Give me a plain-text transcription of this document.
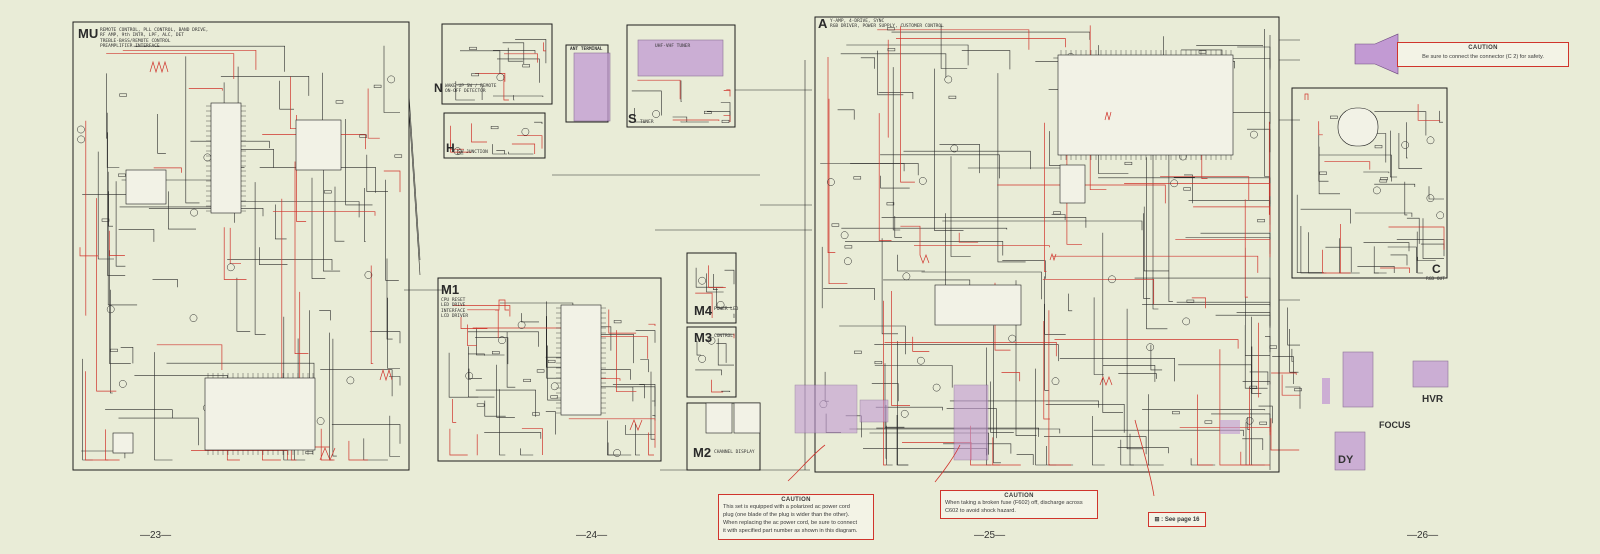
MU REMOTE CONTROL, PLL CONTROL, BAND DRIVE,
RF AMP, 9th INTR, LPF, ALC, DET
TREBLE-BASS/REMOTE CONTROL
PREAMPLIFIER INTERFACE
N WAKE-UP SW / REMOTE
ON-OFF DETECTOR
H SW JUNCTION
ANT TERMINAL
UHF-VHF TUNER
S TUNER
M1
CPU RESET
LED DRIVE
INTERFACE
LCD DRIVER	M4 POWER LED
M3 CONTROL
M2 CHANNEL DISPLAY
A Y-AMP, 4-DRIVE, SYNC
RGB DRIVER, POWER SUPPLY, CUSTOMER CONTROL
C
RGB OUT
FOCUS
HVR
DY
CAUTION
Be sure to connect the connector (C 2) for safety.
CAUTION
This set is equipped with a polarized ac power cord
plug (one blade of the plug is wider than the other).
When replacing the ac power cord, be sure to connect
it with specified part number as shown in this diagram.
CAUTION
When taking a broken fuse (F602) off, discharge across
C602 to avoid shock hazard.
⊞ : See page 16
—23—	—24—	—25—	—26—
